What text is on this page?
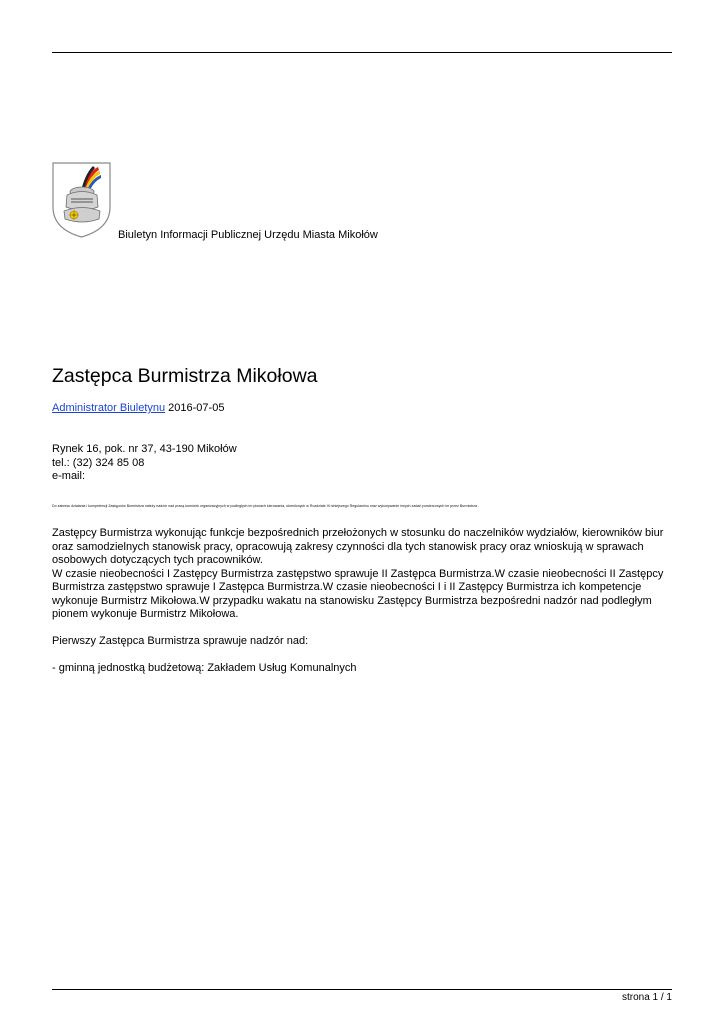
Biuletyn Informacji Publicznej Urzędu Miasta Mikołów
Zastępca Burmistrza Mikołowa
Administrator Biuletynu 2016-07-05
Rynek 16, pok. nr 37, 43-190 Mikołów
tel.: (32) 324 85 08
e-mail:
Do zakresu działania i kompetencji Zastępców Burmistrza należy nadzór nad pracą komórek organizacyjnych w podległych im pionach kierowania, określonych w Rozdziale III niniejszego Regulaminu oraz wykonywanie innych zadań powierzonych im przez Burmistrza .

Zastępcy Burmistrza wykonując funkcje bezpośrednich przełożonych w stosunku do naczelników wydziałów, kierowników biur oraz samodzielnych stanowisk pracy, opracowują zakresy czynności dla tych stanowisk pracy oraz wnioskują w sprawach osobowych dotyczących tych pracowników.

W czasie nieobecności I Zastępcy Burmistrza zastępstwo sprawuje II Zastępca Burmistrza.W czasie nieobecności II Zastępcy Burmistrza zastępstwo sprawuje I Zastępca Burmistrza.W czasie nieobecności I i II Zastępcy Burmistrza ich kompetencje wykonuje Burmistrz Mikołowa.W przypadku wakatu na stanowisku Zastępcy Burmistrza bezpośredni nadzór nad podległym pionem wykonuje Burmistrz Mikołowa.

Pierwszy Zastępca Burmistrza sprawuje nadzór nad:

- gminną jednostką budżetową: Zakładem Usług Komunalnych

strona 1 / 1
